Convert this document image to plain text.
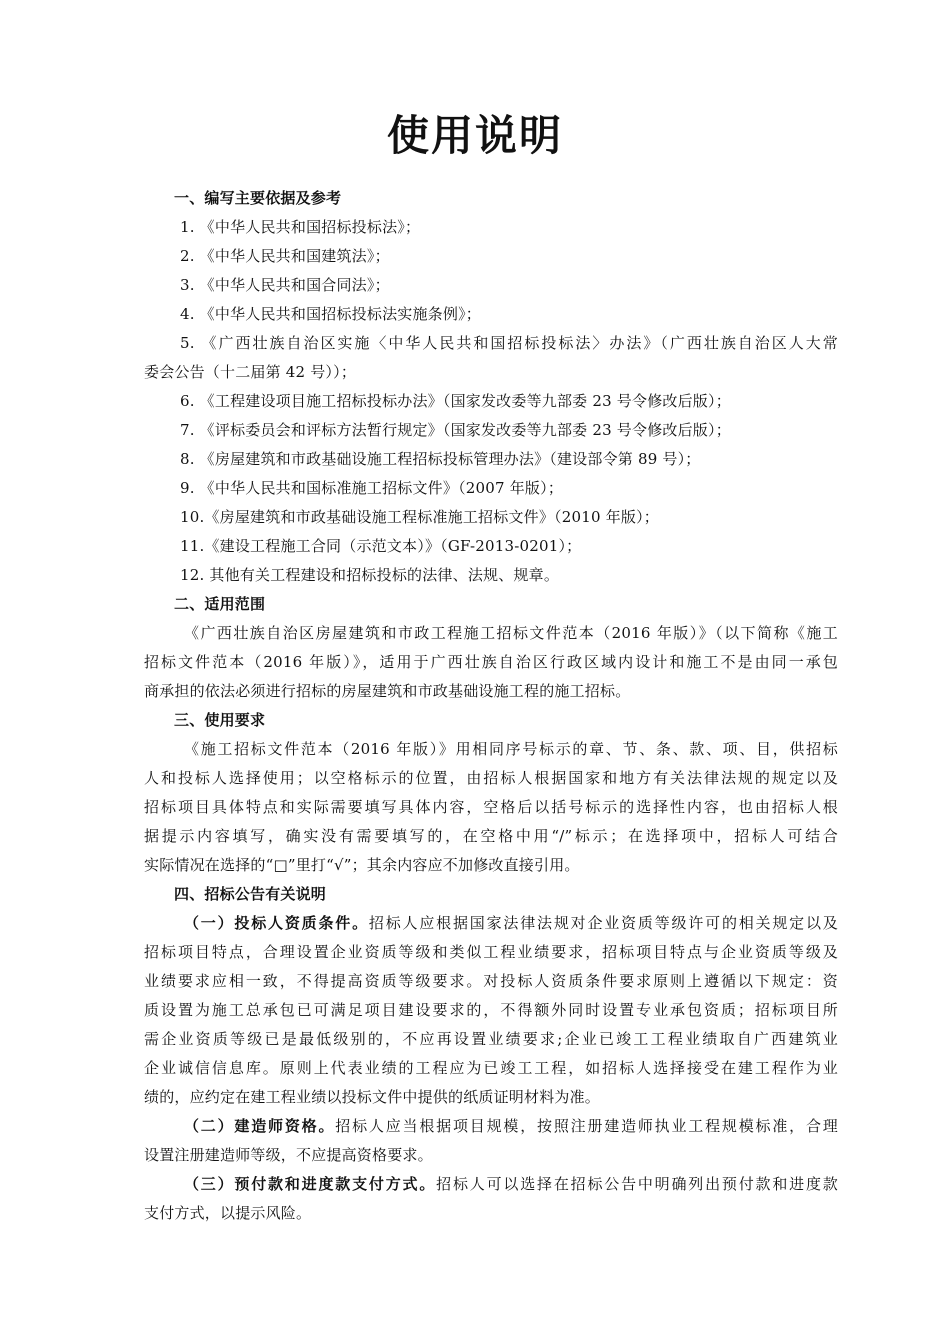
使用说明
一、编写主要依据及参考
1. 《中华人民共和国招标投标法》；
2. 《中华人民共和国建筑法》；
3. 《中华人民共和国合同法》；
4. 《中华人民共和国招标投标法实施条例》；
5. 《广西壮族自治区实施〈中华人民共和国招标投标法〉办法》（广西壮族自治区人大常
委会公告（十二届第 42 号））；
6. 《工程建设项目施工招标投标办法》（国家发改委等九部委 23 号令修改后版）；
7. 《评标委员会和评标方法暂行规定》（国家发改委等九部委 23 号令修改后版）；
8. 《房屋建筑和市政基础设施工程招标投标管理办法》（建设部令第 89 号）；
9. 《中华人民共和国标准施工招标文件》（2007 年版）；
10.《房屋建筑和市政基础设施工程标准施工招标文件》（2010 年版）；
11.《建设工程施工合同（示范文本）》（GF-2013-0201）；
12. 其他有关工程建设和招标投标的法律、法规、规章。
二、适用范围
《广西壮族自治区房屋建筑和市政工程施工招标文件范本（2016 年版）》（以下简称《施工
招标文件范本（2016 年版）》，适用于广西壮族自治区行政区域内设计和施工不是由同一承包
商承担的依法必须进行招标的房屋建筑和市政基础设施工程的施工招标。
三、使用要求
《施工招标文件范本（2016 年版）》用相同序号标示的章、节、条、款、项、目，供招标
人和投标人选择使用；以空格标示的位置，由招标人根据国家和地方有关法律法规的规定以及
招标项目具体特点和实际需要填写具体内容，空格后以括号标示的选择性内容，也由招标人根
据提示内容填写，确实没有需要填写的，在空格中用“/”标示；在选择项中，招标人可结合
实际情况在选择的“□”里打“√”；其余内容应不加修改直接引用。
四、招标公告有关说明
（一）投标人资质条件。招标人应根据国家法律法规对企业资质等级许可的相关规定以及
招标项目特点，合理设置企业资质等级和类似工程业绩要求，招标项目特点与企业资质等级及
业绩要求应相一致，不得提高资质等级要求。对投标人资质条件要求原则上遵循以下规定：资
质设置为施工总承包已可满足项目建设要求的，不得额外同时设置专业承包资质；招标项目所
需企业资质等级已是最低级别的，不应再设置业绩要求;企业已竣工工程业绩取自广西建筑业
企业诚信信息库。原则上代表业绩的工程应为已竣工工程，如招标人选择接受在建工程作为业
绩的，应约定在建工程业绩以投标文件中提供的纸质证明材料为准。
（二）建造师资格。招标人应当根据项目规模，按照注册建造师执业工程规模标准，合理
设置注册建造师等级，不应提高资格要求。
（三）预付款和进度款支付方式。招标人可以选择在招标公告中明确列出预付款和进度款
支付方式，以提示风险。
